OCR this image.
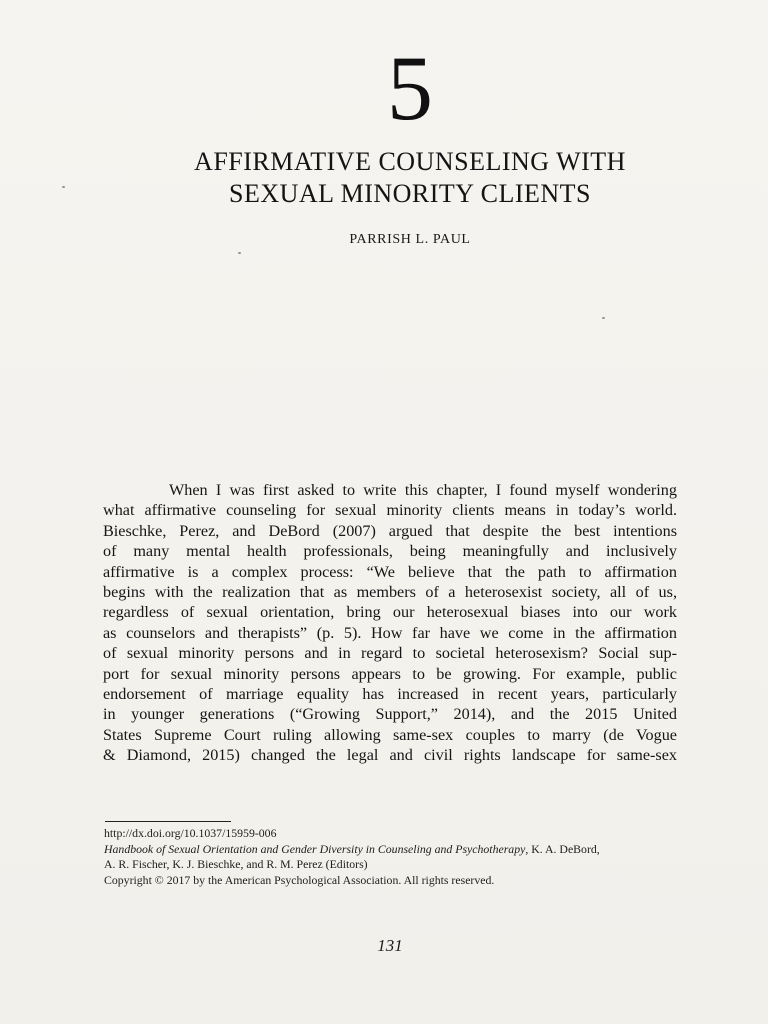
5
AFFIRMATIVE COUNSELING WITH
SEXUAL MINORITY CLIENTS
PARRISH L. PAUL
When I was first asked to write this chapter, I found myself wondering
what affirmative counseling for sexual minority clients means in today’s world.
Bieschke, Perez, and DeBord (2007) argued that despite the best intentions
of many mental health professionals, being meaningfully and inclusively
affirmative is a complex process: “We believe that the path to affirmation
begins with the realization that as members of a heterosexist society, all of us,
regardless of sexual orientation, bring our heterosexual biases into our work
as counselors and therapists” (p. 5). How far have we come in the affirmation
of sexual minority persons and in regard to societal heterosexism? Social sup-
port for sexual minority persons appears to be growing. For example, public
endorsement of marriage equality has increased in recent years, particularly
in younger generations (“Growing Support,” 2014), and the 2015 United
States Supreme Court ruling allowing same-sex couples to marry (de Vogue
& Diamond, 2015) changed the legal and civil rights landscape for same-sex
http://dx.doi.org/10.1037/15959-006
Handbook of Sexual Orientation and Gender Diversity in Counseling and Psychotherapy, K. A. DeBord,
A. R. Fischer, K. J. Bieschke, and R. M. Perez (Editors)
Copyright © 2017 by the American Psychological Association. All rights reserved.
131
